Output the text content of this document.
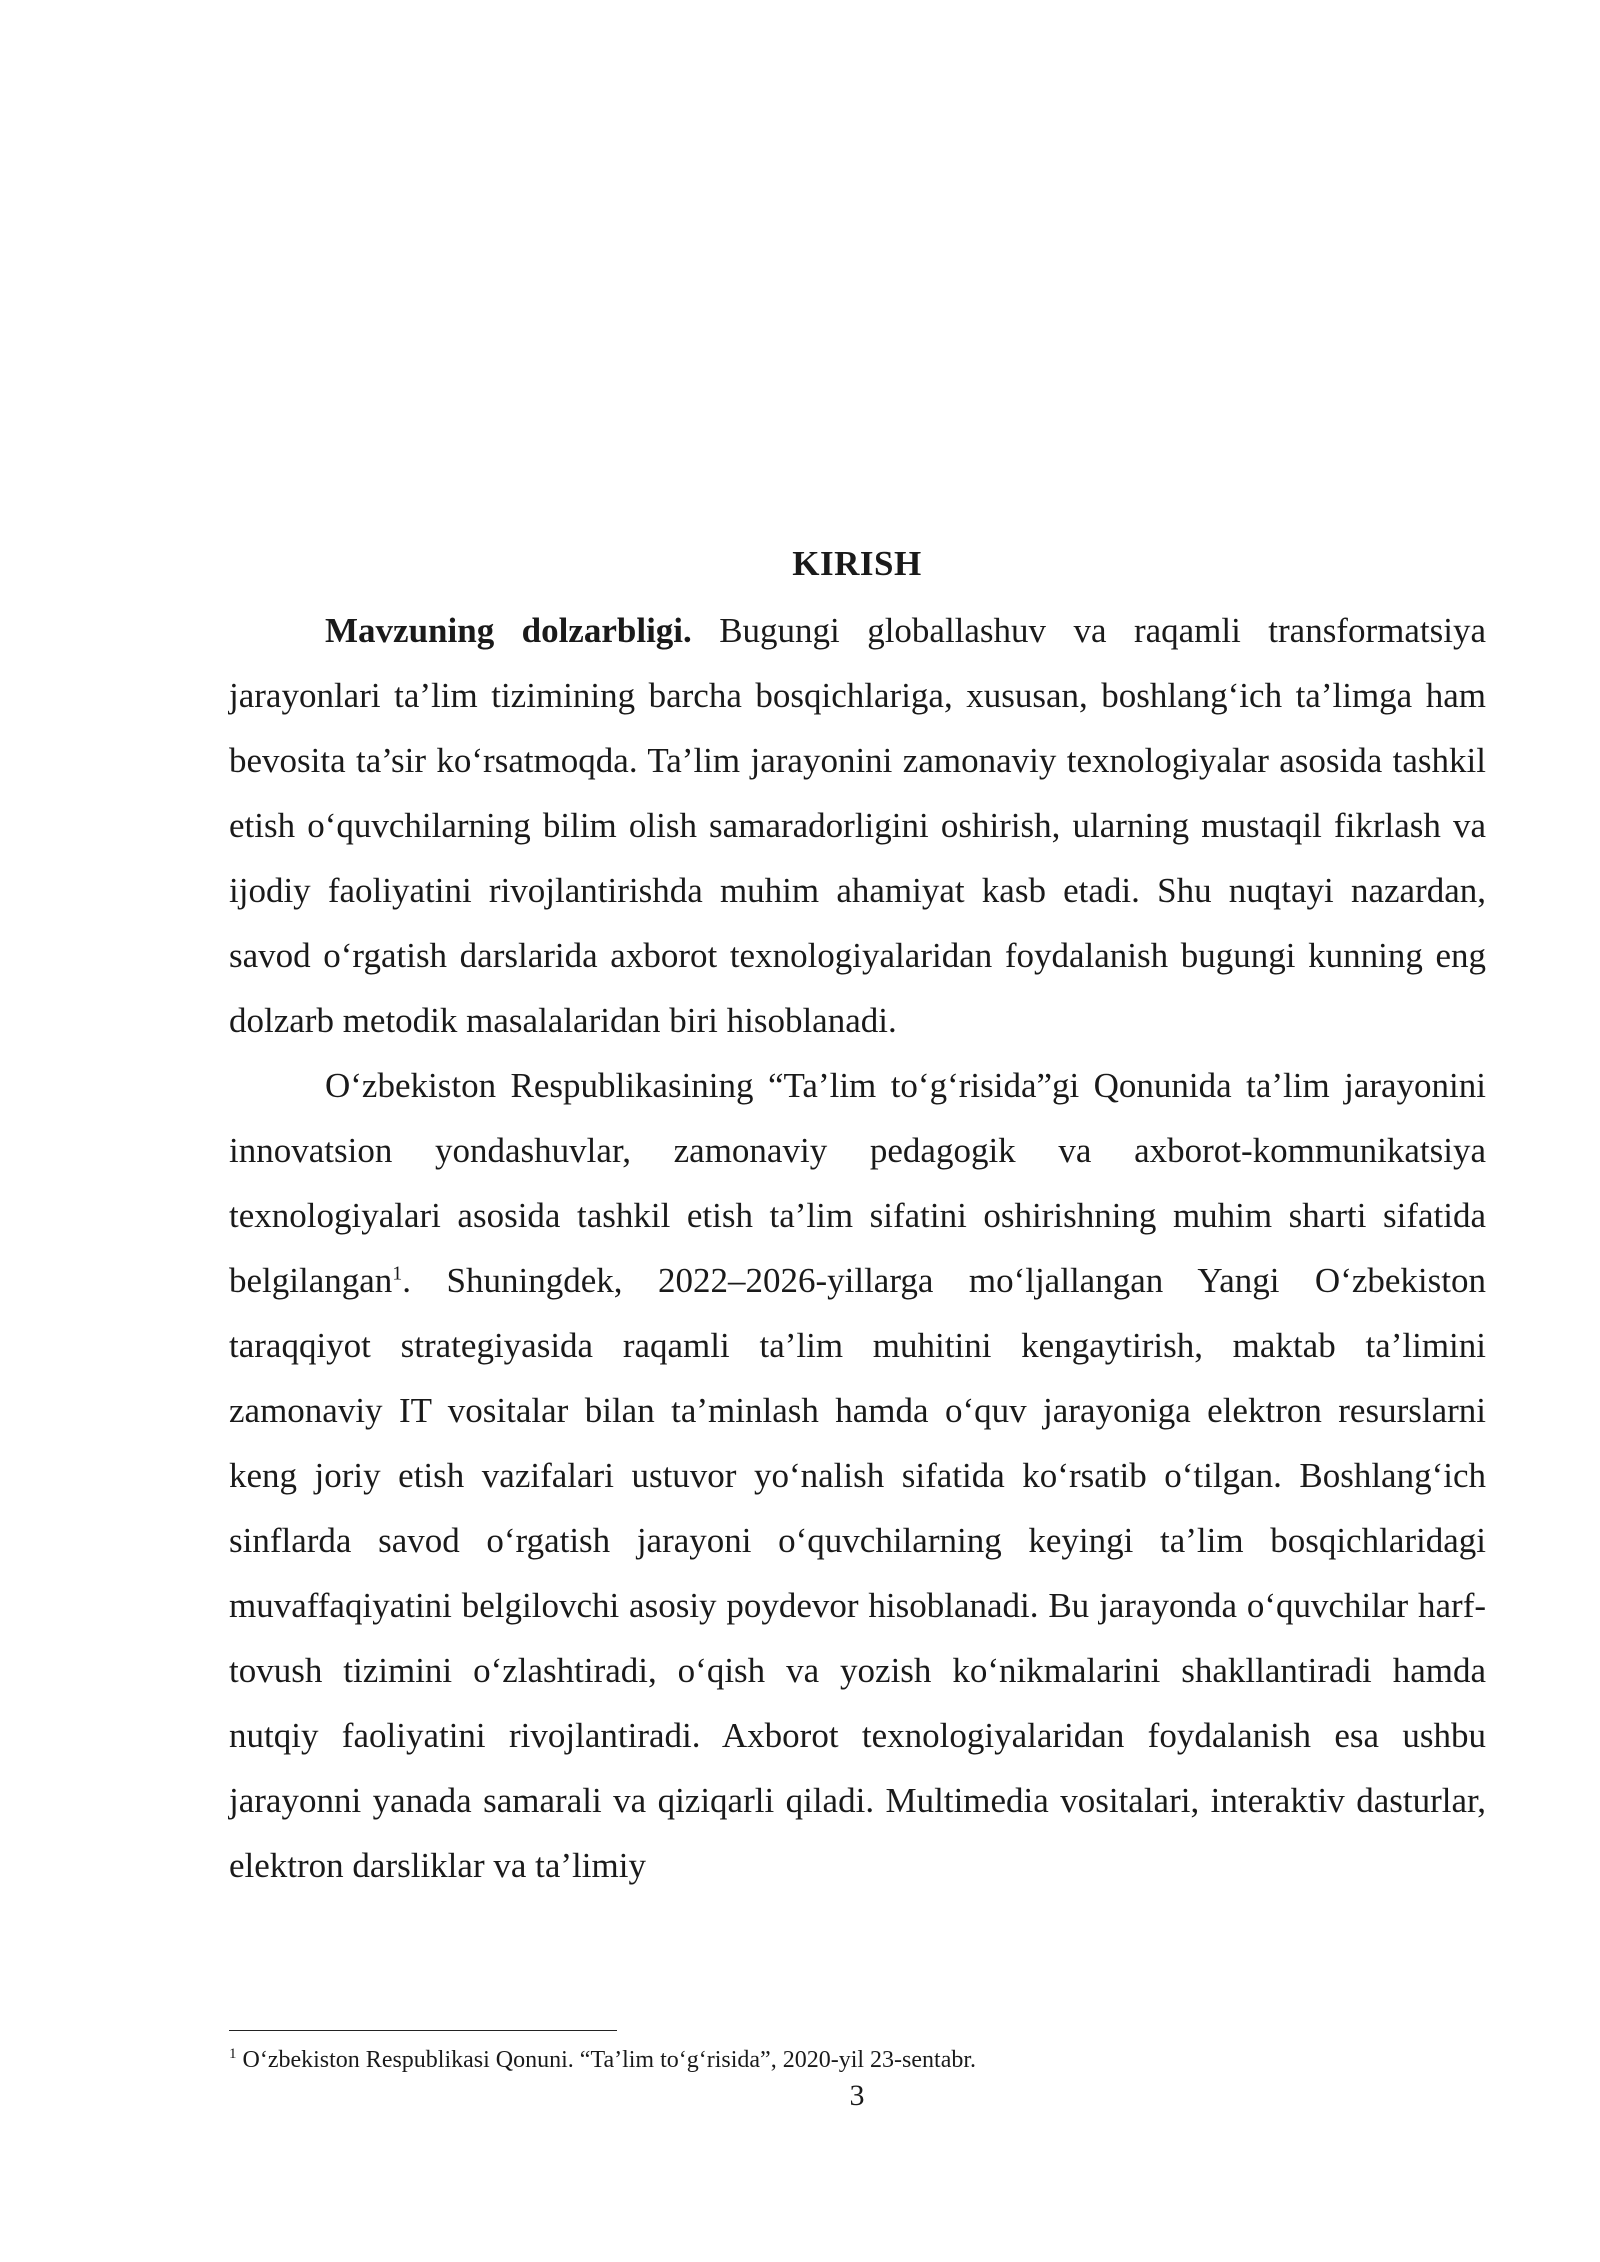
KIRISH

Mavzuning dolzarbligi. Bugungi globallashuv va raqamli transformatsiya jarayonlari ta’lim tizimining barcha bosqichlariga, xususan, boshlang‘ich ta’limga ham bevosita ta’sir ko‘rsatmoqda. Ta’lim jarayonini zamonaviy texnologiyalar asosida tashkil etish o‘quvchilarning bilim olish samaradorligini oshirish, ularning mustaqil fikrlash va ijodiy faoliyatini rivojlantirishda muhim ahamiyat kasb etadi. Shu nuqtayi nazardan, savod o‘rgatish darslarida axborot texnologiyalaridan foydalanish bugungi kunning eng dolzarb metodik masalalaridan biri hisoblanadi.

O‘zbekiston Respublikasining “Ta’lim to‘g‘risida”gi Qonunida ta’lim jarayonini innovatsion yondashuvlar, zamonaviy pedagogik va axborot-kommunikatsiya texnologiyalari asosida tashkil etish ta’lim sifatini oshirishning muhim sharti sifatida belgilangan$^1$. Shuningdek, 2022–2026-yillarga mo‘ljallangan Yangi O‘zbekiston taraqqiyot strategiyasida raqamli ta’lim muhitini kengaytirish, maktab ta’limini zamonaviy IT vositalar bilan ta’minlash hamda o‘quv jarayoniga elektron resurslarni keng joriy etish vazifalari ustuvor yo‘nalish sifatida ko‘rsatib o‘tilgan. Boshlang‘ich sinflarda savod o‘rgatish jarayoni o‘quvchilarning keyingi ta’lim bosqichlaridagi muvaffaqiyatini belgilovchi asosiy poydevor hisoblanadi. Bu jarayonda o‘quvchilar harf-tovush tizimini o‘zlashtiradi, o‘qish va yozish ko‘nikmalarini shakllantiradi hamda nutqiy faoliyatini rivojlantiradi. Axborot texnologiyalaridan foydalanish esa ushbu jarayonni yanada samarali va qiziqarli qiladi. Multimedia vositalari, interaktiv dasturlar, elektron darsliklar va ta’limiy

$^1$ O‘zbekiston Respublikasi Qonuni. “Ta’lim to‘g‘risida”, 2020-yil 23-sentabr.
3
